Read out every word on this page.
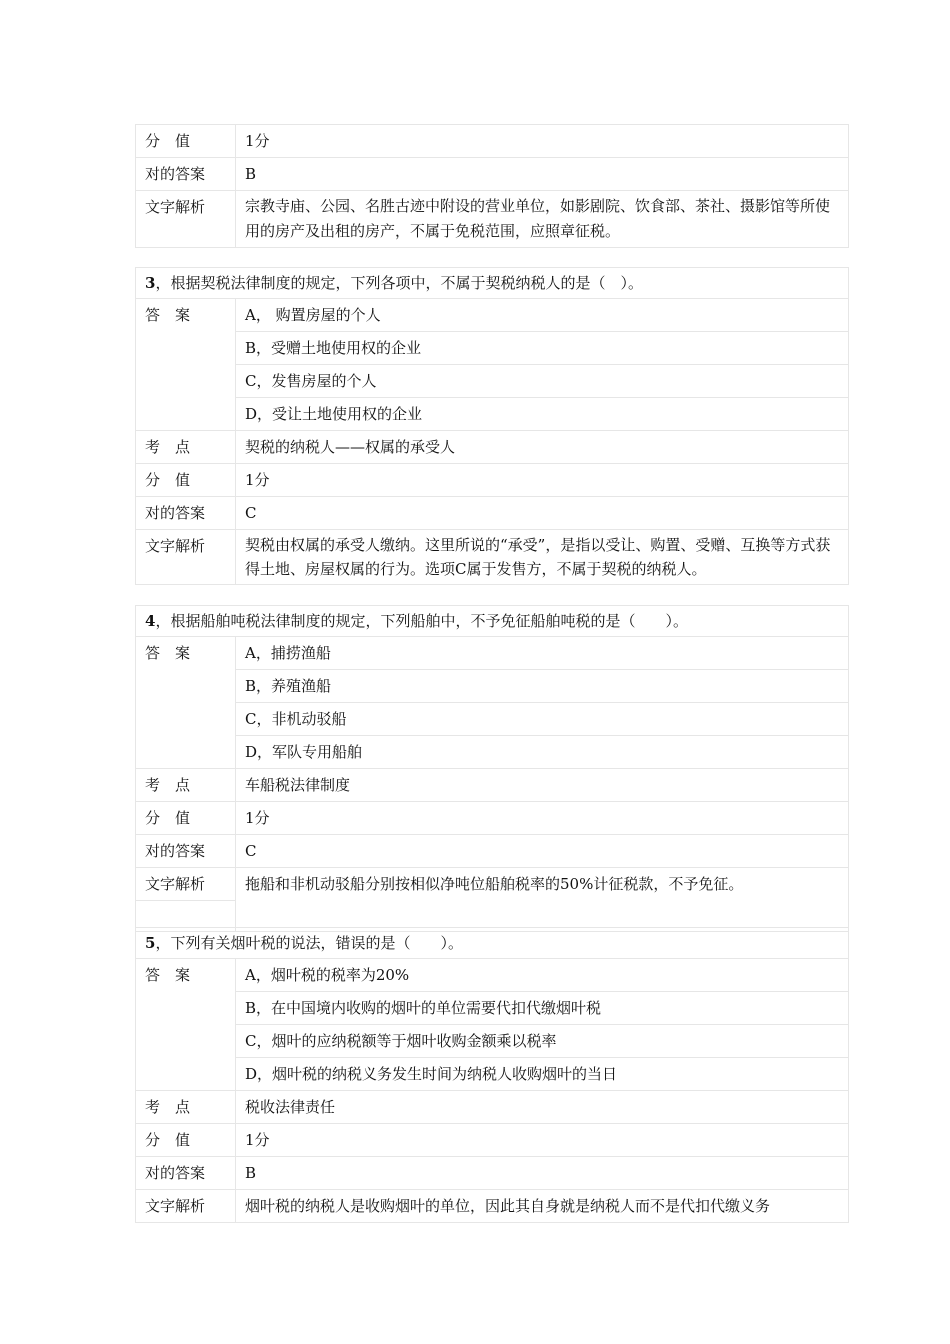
分　值	1分
对的答案	B
文字解析	宗教寺庙、公园、名胜古迹中附设的营业单位，如影剧院、饮食部、茶社、摄影馆等所使用的房产及出租的房产，不属于免税范围，应照章征税。
3，根据契税法律制度的规定，下列各项中，不属于契税纳税人的是（　）。
答　案	A， 购置房屋的个人
	B，受赠土地使用权的企业
	C，发售房屋的个人
	D，受让土地使用权的企业
考　点	契税的纳税人——权属的承受人
分　值	1分
对的答案	C
文字解析	契税由权属的承受人缴纳。这里所说的“承受”，是指以受让、购置、受赠、互换等方式获得土地、房屋权属的行为。选项C属于发售方，不属于契税的纳税人。
4，根据船舶吨税法律制度的规定，下列船舶中，不予免征船舶吨税的是（　　）。
答　案	A，捕捞渔船
	B，养殖渔船
	C，非机动驳船
	D，军队专用船舶
考　点	车船税法律制度
分　值	1分
对的答案	C
文字解析	拖船和非机动驳船分别按相似净吨位船舶税率的50%计征税款，不予免征。

5，下列有关烟叶税的说法，错误的是（　　）。
答　案	A，烟叶税的税率为20%
	B，在中国境内收购的烟叶的单位需要代扣代缴烟叶税
	C，烟叶的应纳税额等于烟叶收购金额乘以税率
	D，烟叶税的纳税义务发生时间为纳税人收购烟叶的当日
考　点	税收法律责任
分　值	1分
对的答案	B
文字解析	烟叶税的纳税人是收购烟叶的单位，因此其自身就是纳税人而不是代扣代缴义务
